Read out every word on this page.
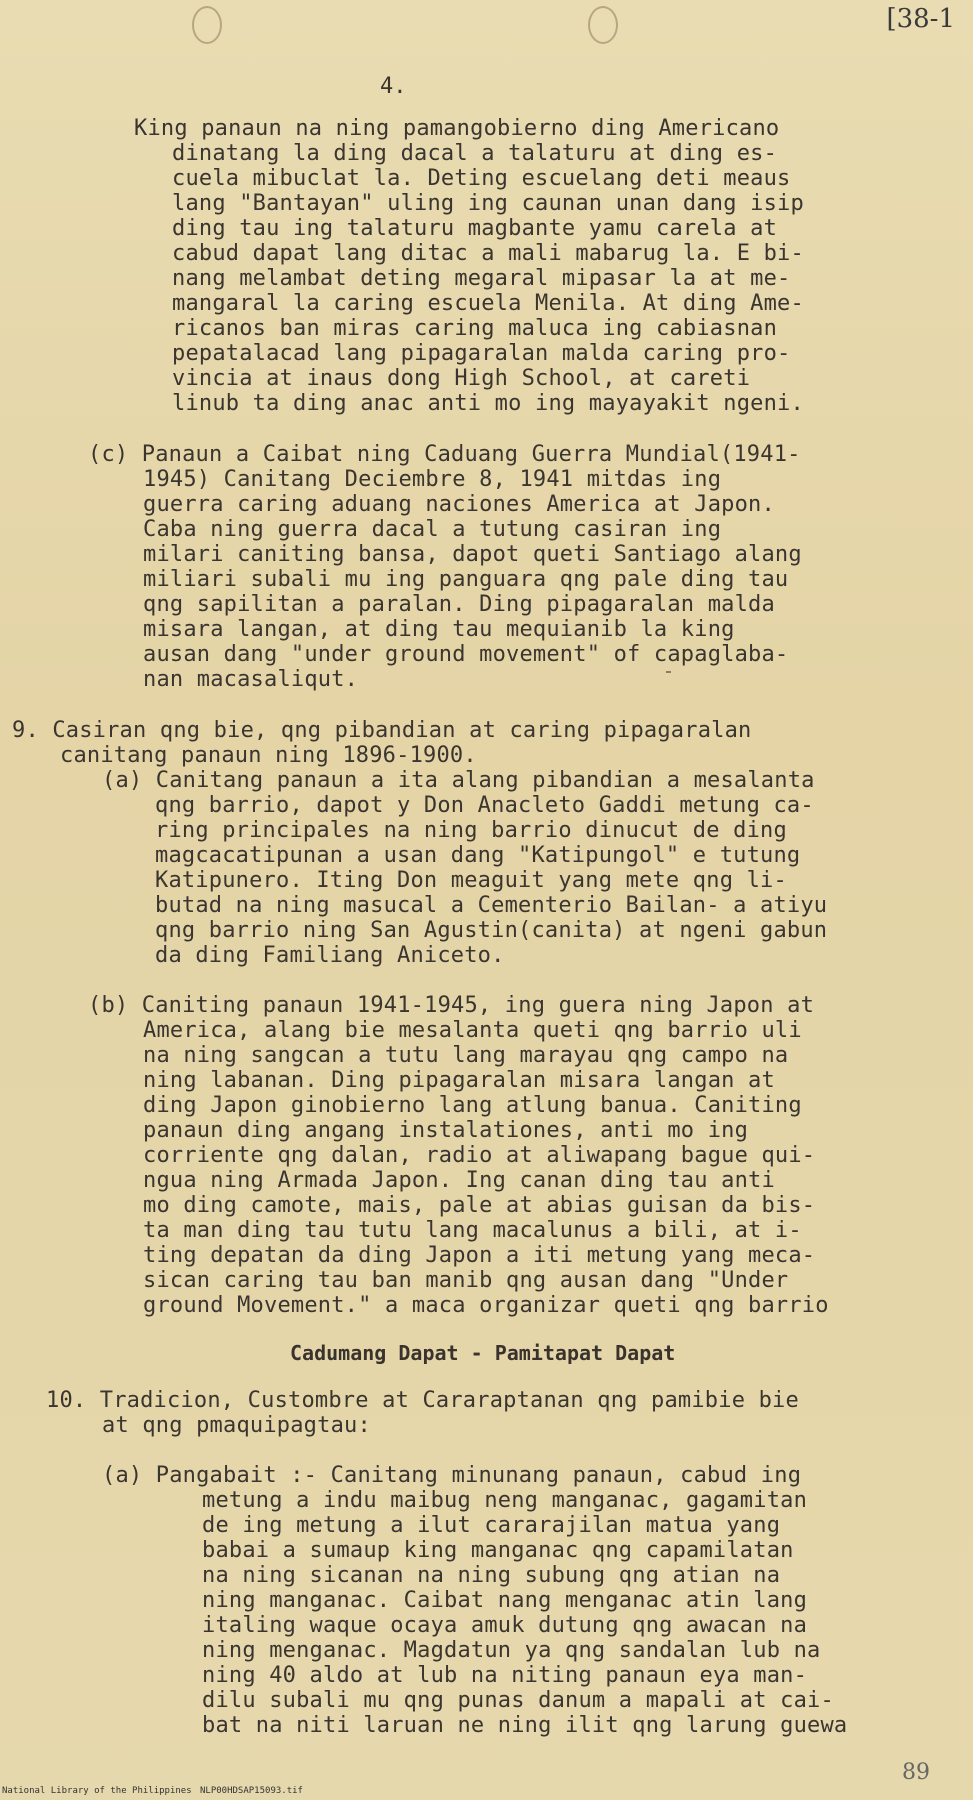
[38-1
4.
King panaun na ning pamangobierno ding Americano
dinatang la ding dacal a talaturu at ding es-
cuela mibuclat la. Deting escuelang deti meaus
lang "Bantayan" uling ing caunan unan dang isip
ding tau ing talaturu magbante yamu carela at
cabud dapat lang ditac a mali mabarug la. E bi-
nang melambat deting megaral mipasar la at me-
mangaral la caring escuela Menila. At ding Ame-
ricanos ban miras caring maluca ing cabiasnan
pepatalacad lang pipagaralan malda caring pro-
vincia at inaus dong High School, at careti
linub ta ding anac anti mo ing mayayakit ngeni.
(c) Panaun a Caibat ning Caduang Guerra Mundial(1941-
1945) Canitang Deciembre 8, 1941 mitdas ing
guerra caring aduang naciones America at Japon.
Caba ning guerra dacal a tutung casiran ing
milari caniting bansa, dapot queti Santiago alang
miliari subali mu ing panguara qng pale ding tau
qng sapilitan a paralan. Ding pipagaralan malda
misara langan, at ding tau mequianib la king
ausan dang "under ground movement" of capaglaba-
nan macasaliqut.
9. Casiran qng bie, qng pibandian at caring pipagaralan
canitang panaun ning 1896-1900.
(a) Canitang panaun a ita alang pibandian a mesalanta
qng barrio, dapot y Don Anacleto Gaddi metung ca-
ring principales na ning barrio dinucut de ding
magcacatipunan a usan dang "Katipungol" e tutung
Katipunero. Iting Don meaguit yang mete qng li-
butad na ning masucal a Cementerio Bailan- a atiyu
qng barrio ning San Agustin(canita) at ngeni gabun
da ding Familiang Aniceto.
(b) Caniting panaun 1941-1945, ing guera ning Japon at
America, alang bie mesalanta queti qng barrio uli
na ning sangcan a tutu lang marayau qng campo na
ning labanan. Ding pipagaralan misara langan at
ding Japon ginobierno lang atlung banua. Caniting
panaun ding angang instalationes, anti mo ing
corriente qng dalan, radio at aliwapang bague qui-
ngua ning Armada Japon. Ing canan ding tau anti
mo ding camote, mais, pale at abias guisan da bis-
ta man ding tau tutu lang macalunus a bili, at i-
ting depatan da ding Japon a iti metung yang meca-
sican caring tau ban manib qng ausan dang "Under
ground Movement." a maca organizar queti qng barrio
Cadumang Dapat - Pamitapat Dapat
10. Tradicion, Custombre at Cararaptanan qng pamibie bie
at qng pmaquipagtau:
(a) Pangabait :- Canitang minunang panaun, cabud ing
metung a indu maibug neng manganac, gagamitan
de ing metung a ilut cararajilan matua yang
babai a sumaup king manganac qng capamilatan
na ning sicanan na ning subung qng atian na
ning manganac. Caibat nang menganac atin lang
italing waque ocaya amuk dutung qng awacan na
ning menganac. Magdatun ya qng sandalan lub na
ning 40 aldo at lub na niting panaun eya man-
dilu subali mu qng punas danum a mapali at cai-
bat na niti laruan ne ning ilit qng larung guewa
89
National Library of the Philippines NLP00HDSAP15093.tif
